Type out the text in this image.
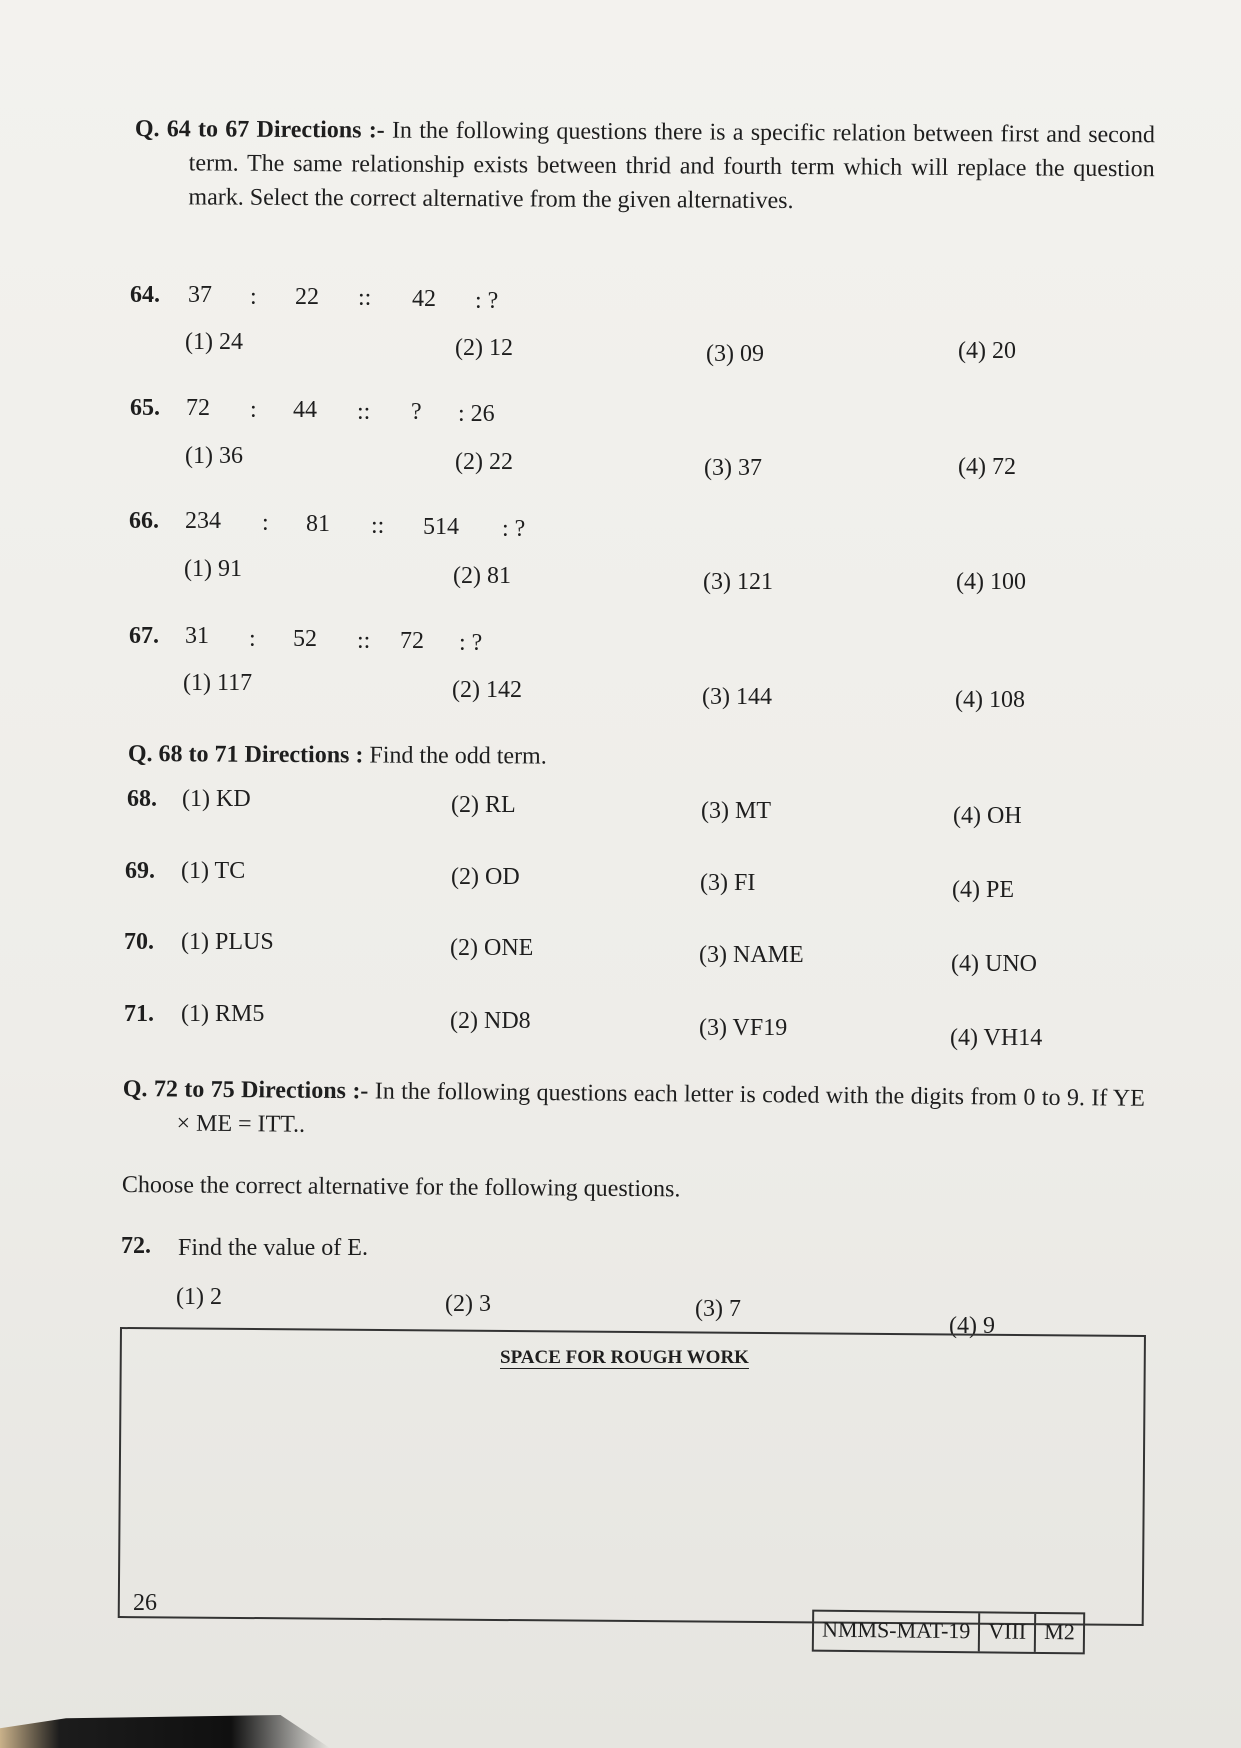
Q. 64 to 67 Directions :- In the following questions there is a specific relation between first and second term. The same relationship exists between thrid and fourth term which will replace the question mark. Select the correct alternative from the given alternatives.
64. 37 : 22 :: 42 : ?
(1) 24	(2) 12	(3) 09	(4) 20
65. 72 : 44 :: ? : 26
(1) 36	(2) 22	(3) 37	(4) 72
66. 234 : 81 :: 514 : ?
(1) 91	(2) 81	(3) 121	(4) 100
67. 31 : 52 :: 72 : ?
(1) 117	(2) 142	(3) 144	(4) 108
Q. 68 to 71 Directions : Find the odd term.
68. (1) KD	(2) RL	(3) MT	(4) OH
69. (1) TC	(2) OD	(3) FI	(4) PE
70. (1) PLUS	(2) ONE	(3) NAME	(4) UNO
71. (1) RM5	(2) ND8	(3) VF19	(4) VH14
Q. 72 to 75 Directions :- In the following questions each letter is coded with the digits from 0 to 9. If YE × ME = ITT..
Choose the correct alternative for the following questions.
72. Find the value of E.
(1) 2	(2) 3	(3) 7
(4) 9
SPACE FOR ROUGH WORK
26
NMMS-MAT-19 VIII M2
